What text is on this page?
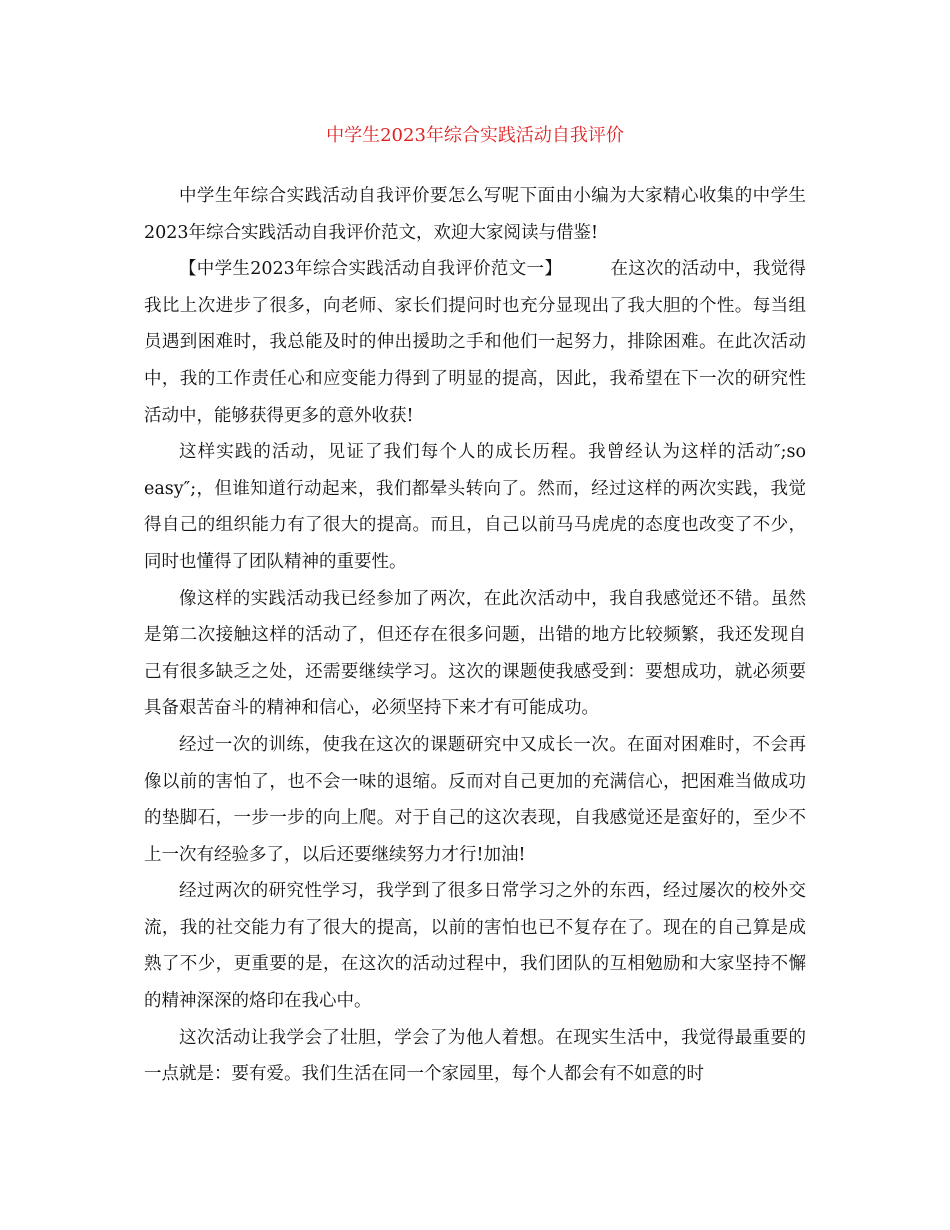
中学生2023年综合实践活动自我评价

中学生年综合实践活动自我评价要怎么写呢下面由小编为大家精心收集的中学生2023年综合实践活动自我评价范文，欢迎大家阅读与借鉴!

【中学生2023年综合实践活动自我评价范文一】	在这次的活动中，我觉得我比上次进步了很多，向老师、家长们提问时也充分显现出了我大胆的个性。每当组员遇到困难时，我总能及时的伸出援助之手和他们一起努力，排除困难。在此次活动中，我的工作责任心和应变能力得到了明显的提高，因此，我希望在下一次的研究性活动中，能够获得更多的意外收获!

这样实践的活动，见证了我们每个人的成长历程。我曾经认为这样的活动″;so easy″;，但谁知道行动起来，我们都晕头转向了。然而，经过这样的两次实践，我觉得自己的组织能力有了很大的提高。而且，自己以前马马虎虎的态度也改变了不少，同时也懂得了团队精神的重要性。

像这样的实践活动我已经参加了两次，在此次活动中，我自我感觉还不错。虽然是第二次接触这样的活动了，但还存在很多问题，出错的地方比较频繁，我还发现自己有很多缺乏之处，还需要继续学习。这次的课题使我感受到：要想成功，就必须要具备艰苦奋斗的精神和信心，必须坚持下来才有可能成功。

经过一次的训练，使我在这次的课题研究中又成长一次。在面对困难时，不会再像以前的害怕了，也不会一味的退缩。反而对自己更加的充满信心，把困难当做成功的垫脚石，一步一步的向上爬。对于自己的这次表现，自我感觉还是蛮好的，至少不上一次有经验多了，以后还要继续努力才行!加油!

经过两次的研究性学习，我学到了很多日常学习之外的东西，经过屡次的校外交流，我的社交能力有了很大的提高，以前的害怕也已不复存在了。现在的自己算是成熟了不少，更重要的是，在这次的活动过程中，我们团队的互相勉励和大家坚持不懈的精神深深的烙印在我心中。

这次活动让我学会了壮胆，学会了为他人着想。在现实生活中，我觉得最重要的一点就是：要有爱。我们生活在同一个家园里，每个人都会有不如意的时
